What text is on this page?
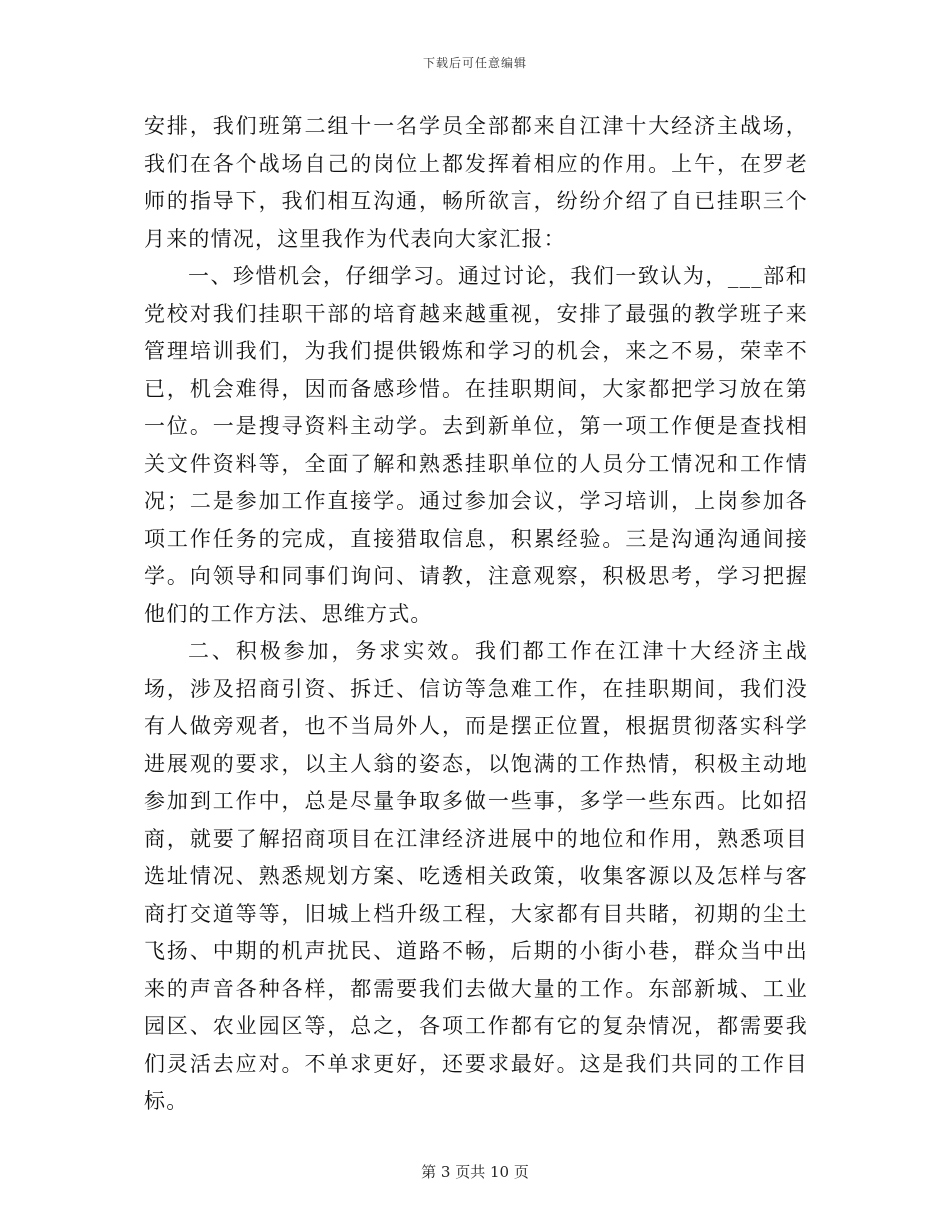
下载后可任意编辑

安排，我们班第二组十一名学员全部都来自江津十大经济主战场，我们在各个战场自己的岗位上都发挥着相应的作用。上午，在罗老师的指导下，我们相互沟通，畅所欲言，纷纷介绍了自已挂职三个月来的情况，这里我作为代表向大家汇报：

一、珍惜机会，仔细学习。通过讨论，我们一致认为，___部和党校对我们挂职干部的培育越来越重视，安排了最强的教学班子来管理培训我们，为我们提供锻炼和学习的机会，来之不易，荣幸不已，机会难得，因而备感珍惜。在挂职期间，大家都把学习放在第一位。一是搜寻资料主动学。去到新单位，第一项工作便是查找相关文件资料等，全面了解和熟悉挂职单位的人员分工情况和工作情况；二是参加工作直接学。通过参加会议，学习培训，上岗参加各项工作任务的完成，直接猎取信息，积累经验。三是沟通沟通间接学。向领导和同事们询问、请教，注意观察，积极思考，学习把握他们的工作方法、思维方式。

二、积极参加，务求实效。我们都工作在江津十大经济主战场，涉及招商引资、拆迁、信访等急难工作，在挂职期间，我们没有人做旁观者，也不当局外人，而是摆正位置，根据贯彻落实科学进展观的要求，以主人翁的姿态，以饱满的工作热情，积极主动地参加到工作中，总是尽量争取多做一些事，多学一些东西。比如招商，就要了解招商项目在江津经济进展中的地位和作用，熟悉项目选址情况、熟悉规划方案、吃透相关政策，收集客源以及怎样与客商打交道等等，旧城上档升级工程，大家都有目共睹，初期的尘土飞扬、中期的机声扰民、道路不畅，后期的小街小巷，群众当中出来的声音各种各样，都需要我们去做大量的工作。东部新城、工业园区、农业园区等，总之，各项工作都有它的复杂情况，都需要我们灵活去应对。不单求更好，还要求最好。这是我们共同的工作目标。

第 3 页共 10 页
